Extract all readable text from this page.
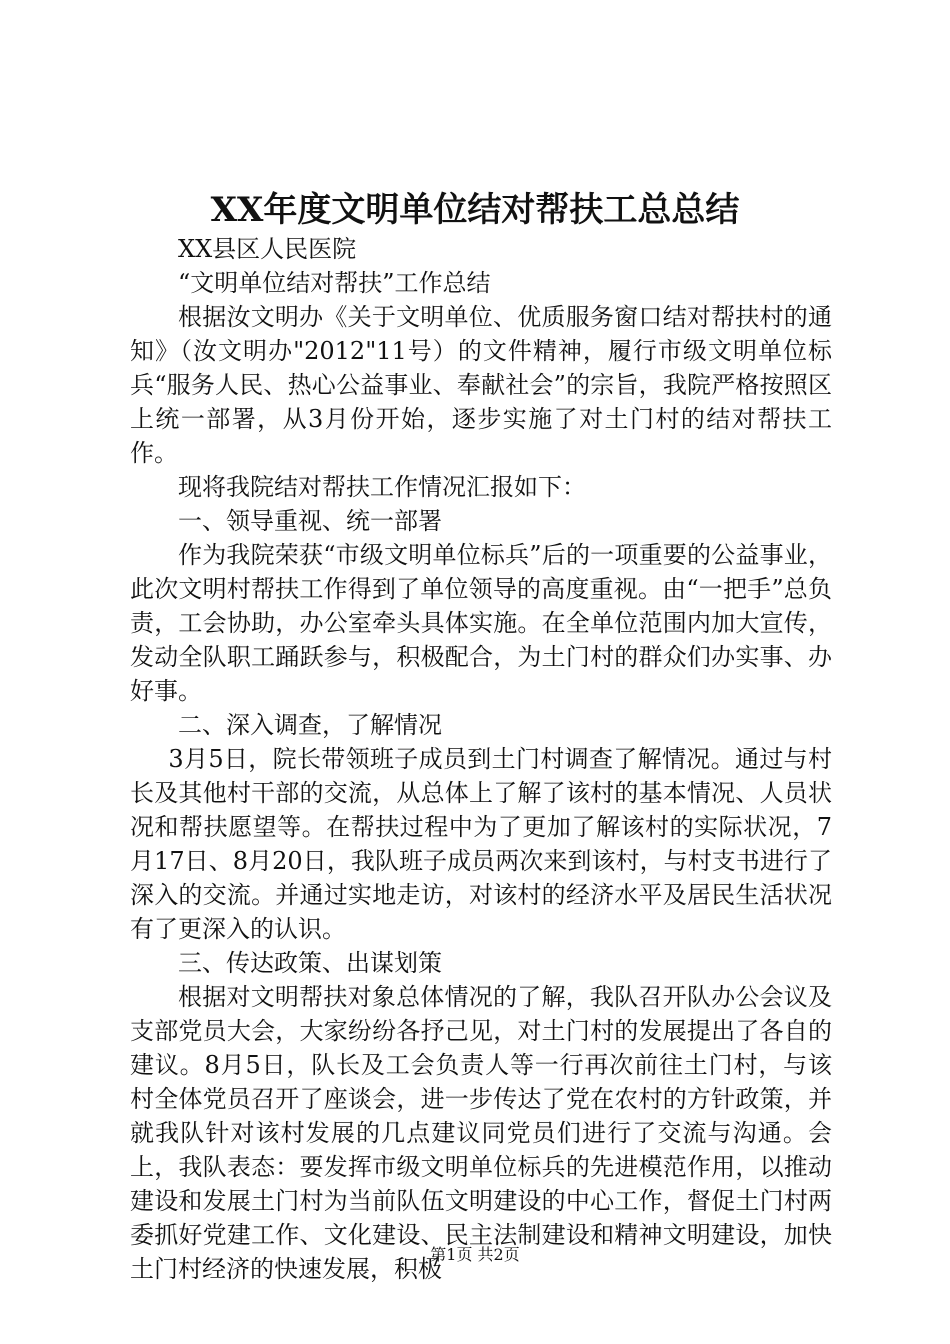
XX年度文明单位结对帮扶工总总结

XX县区人民医院

“文明单位结对帮扶”工作总结

根据汝文明办《关于文明单位、优质服务窗口结对帮扶村的通知》（汝文明办"2012"11号）的文件精神，履行市级文明单位标兵“服务人民、热心公益事业、奉献社会”的宗旨，我院严格按照区上统一部署，从3月份开始，逐步实施了对土门村的结对帮扶工作。

现将我院结对帮扶工作情况汇报如下：

一、领导重视、统一部署

作为我院荣获“市级文明单位标兵”后的一项重要的公益事业，此次文明村帮扶工作得到了单位领导的高度重视。由“一把手”总负责，工会协助，办公室牵头具体实施。在全单位范围内加大宣传，发动全队职工踊跃参与，积极配合，为土门村的群众们办实事、办好事。

二、深入调查，了解情况

3月5日，院长带领班子成员到土门村调查了解情况。通过与村长及其他村干部的交流，从总体上了解了该村的基本情况、人员状况和帮扶愿望等。在帮扶过程中为了更加了解该村的实际状况，7月17日、8月20日，我队班子成员两次来到该村，与村支书进行了深入的交流。并通过实地走访，对该村的经济水平及居民生活状况有了更深入的认识。

三、传达政策、出谋划策

根据对文明帮扶对象总体情况的了解，我队召开队办公会议及支部党员大会，大家纷纷各抒己见，对土门村的发展提出了各自的建议。8月5日，队长及工会负责人等一行再次前往土门村，与该村全体党员召开了座谈会，进一步传达了党在农村的方针政策，并就我队针对该村发展的几点建议同党员们进行了交流与沟通。会上，我队表态：要发挥市级文明单位标兵的先进模范作用，以推动建设和发展土门村为当前队伍文明建设的中心工作，督促土门村两委抓好党建工作、文化建设、民主法制建设和精神文明建设，加快土门村经济的快速发展，积极

第1页 共2页
